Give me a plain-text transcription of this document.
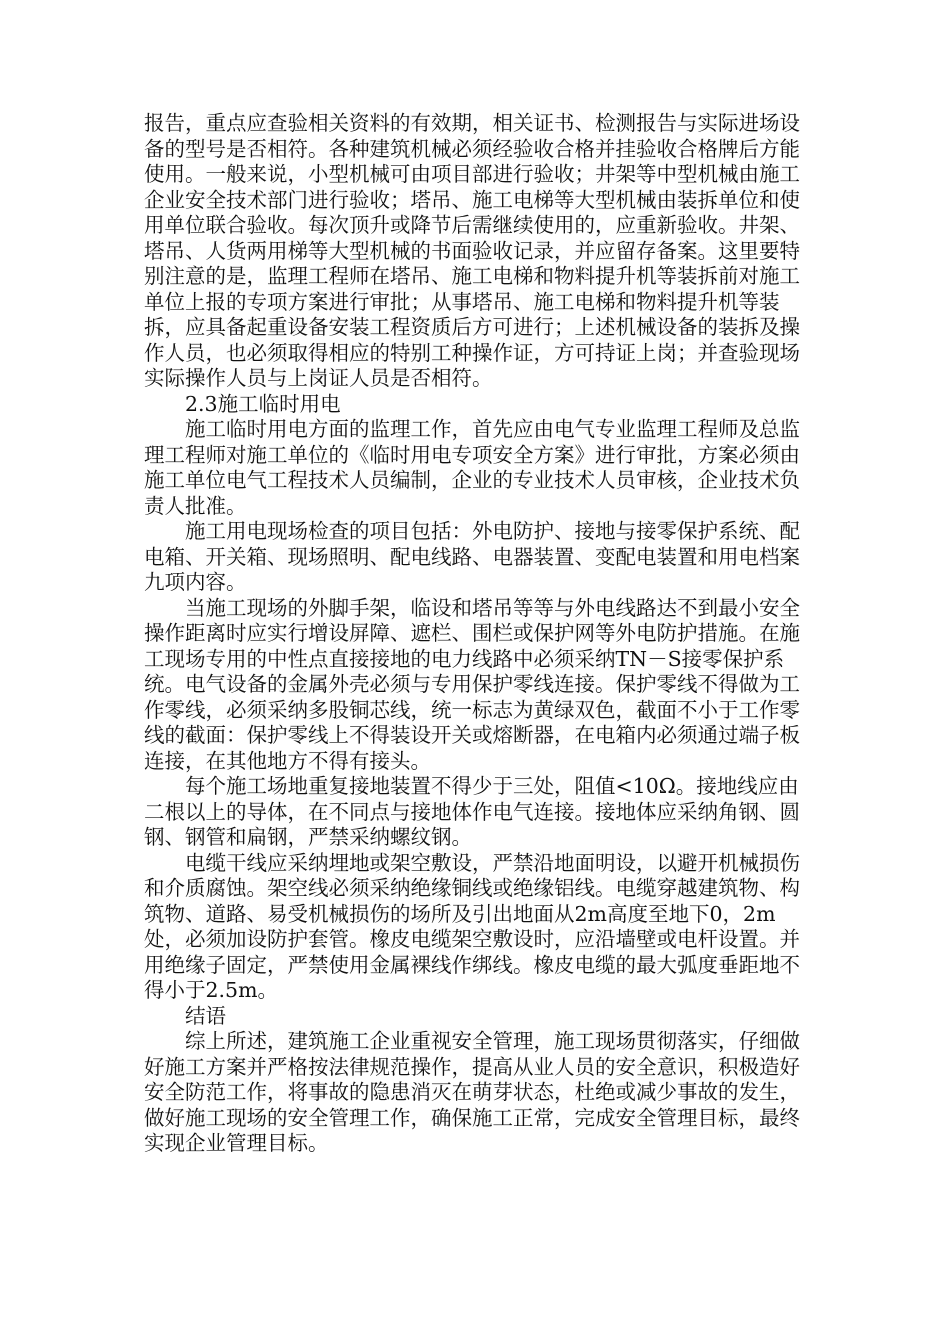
报告，重点应查验相关资料的有效期，相关证书、检测报告与实际进场设备的型号是否相符。各种建筑机械必须经验收合格并挂验收合格牌后方能使用。一般来说，小型机械可由项目部进行验收；井架等中型机械由施工企业安全技术部门进行验收；塔吊、施工电梯等大型机械由装拆单位和使用单位联合验收。每次顶升或降节后需继续使用的，应重新验收。井架、塔吊、人货两用梯等大型机械的书面验收记录，并应留存备案。这里要特别注意的是，监理工程师在塔吊、施工电梯和物料提升机等装拆前对施工单位上报的专项方案进行审批；从事塔吊、施工电梯和物料提升机等装拆，应具备起重设备安装工程资质后方可进行；上述机械设备的装拆及操作人员，也必须取得相应的特别工种操作证，方可持证上岗；并查验现场实际操作人员与上岗证人员是否相符。

2.3施工临时用电

施工临时用电方面的监理工作，首先应由电气专业监理工程师及总监理工程师对施工单位的《临时用电专项安全方案》进行审批，方案必须由施工单位电气工程技术人员编制，企业的专业技术人员审核，企业技术负责人批准。

施工用电现场检查的项目包括：外电防护、接地与接零保护系统、配电箱、开关箱、现场照明、配电线路、电器装置、变配电装置和用电档案九项内容。

当施工现场的外脚手架，临设和塔吊等等与外电线路达不到最小安全操作距离时应实行增设屏障、遮栏、围栏或保护网等外电防护措施。在施工现场专用的中性点直接接地的电力线路中必须采纳TN－S接零保护系统。电气设备的金属外壳必须与专用保护零线连接。保护零线不得做为工作零线，必须采纳多股铜芯线，统一标志为黄绿双色，截面不小于工作零线的截面：保护零线上不得装设开关或熔断器，在电箱内必须通过端子板连接，在其他地方不得有接头。

每个施工场地重复接地装置不得少于三处，阻值<10Ω。接地线应由二根以上的导体，在不同点与接地体作电气连接。接地体应采纳角钢、圆钢、钢管和扁钢，严禁采纳螺纹钢。

电缆干线应采纳埋地或架空敷设，严禁沿地面明设，以避开机械损伤和介质腐蚀。架空线必须采纳绝缘铜线或绝缘铝线。电缆穿越建筑物、构筑物、道路、易受机械损伤的场所及引出地面从2m高度至地下0，2m处，必须加设防护套管。橡皮电缆架空敷设时，应沿墙壁或电杆设置。并用绝缘子固定，严禁使用金属裸线作绑线。橡皮电缆的最大弧度垂距地不得小于2.5m。

结语

综上所述，建筑施工企业重视安全管理，施工现场贯彻落实，仔细做好施工方案并严格按法律规范操作，提高从业人员的安全意识，积极造好安全防范工作，将事故的隐患消灭在萌芽状态，杜绝或减少事故的发生，做好施工现场的安全管理工作，确保施工正常，完成安全管理目标，最终实现企业管理目标。
